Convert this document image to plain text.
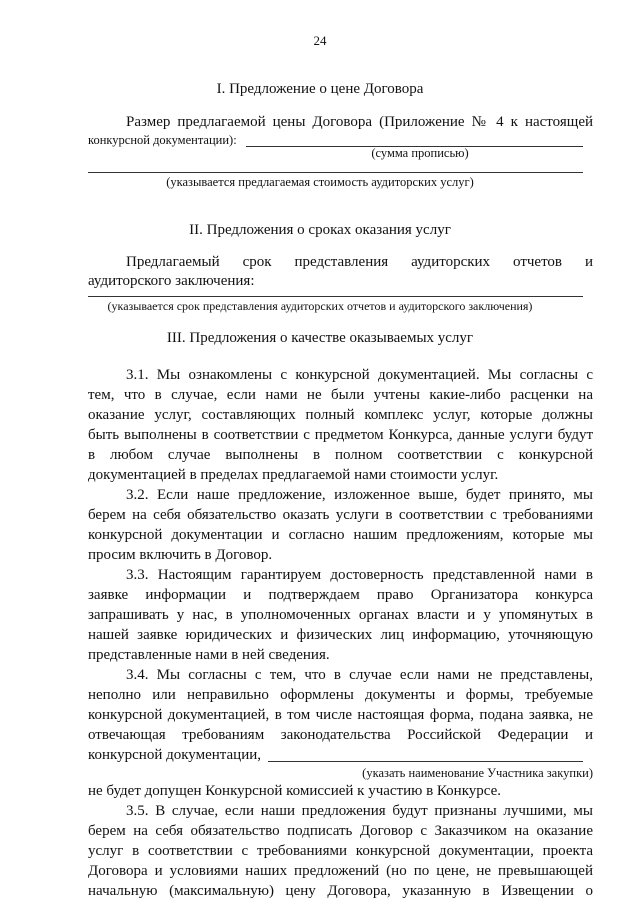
24
I. Предложение о цене Договора
Размер предлагаемой цены Договора (Приложение № 4 к настоящей
конкурсной документации):
(сумма прописью)
(указывается предлагаемая стоимость аудиторских услуг)
II. Предложения о сроках оказания услуг
Предлагаемый срок представления аудиторских отчетов и
аудиторского заключения:
(указывается срок представления аудиторских отчетов и аудиторского заключения)
III. Предложения о качестве оказываемых услуг
3.1. Мы ознакомлены с конкурсной документацией. Мы согласны с
тем, что в случае, если нами не были учтены какие-либо расценки на
оказание услуг, составляющих полный комплекс услуг, которые должны
быть выполнены в соответствии с предметом Конкурса, данные услуги будут
в любом случае выполнены в полном соответствии с конкурсной
документацией в пределах предлагаемой нами стоимости услуг.
3.2. Если наше предложение, изложенное выше, будет принято, мы
берем на себя обязательство оказать услуги в соответствии с требованиями
конкурсной документации и согласно нашим предложениям, которые мы
просим включить в Договор.
3.3. Настоящим гарантируем достоверность представленной нами в
заявке информации и подтверждаем право Организатора конкурса
запрашивать у нас, в уполномоченных органах власти и у упомянутых в
нашей заявке юридических и физических лиц информацию, уточняющую
представленные нами в ней сведения.
3.4. Мы согласны с тем, что в случае если нами не представлены,
неполно или неправильно оформлены документы и формы, требуемые
конкурсной документацией, в том числе настоящая форма, подана заявка, не
отвечающая требованиям законодательства Российской Федерации и
конкурсной документации,
(указать наименование Участника закупки)
не будет допущен Конкурсной комиссией к участию в Конкурсе.
3.5. В случае, если наши предложения будут признаны лучшими, мы
берем на себя обязательство подписать Договор с Заказчиком на оказание
услуг в соответствии с требованиями конкурсной документации, проекта
Договора и условиями наших предложений (но по цене, не превышающей
начальную (максимальную) цену Договора, указанную в Извещении о
